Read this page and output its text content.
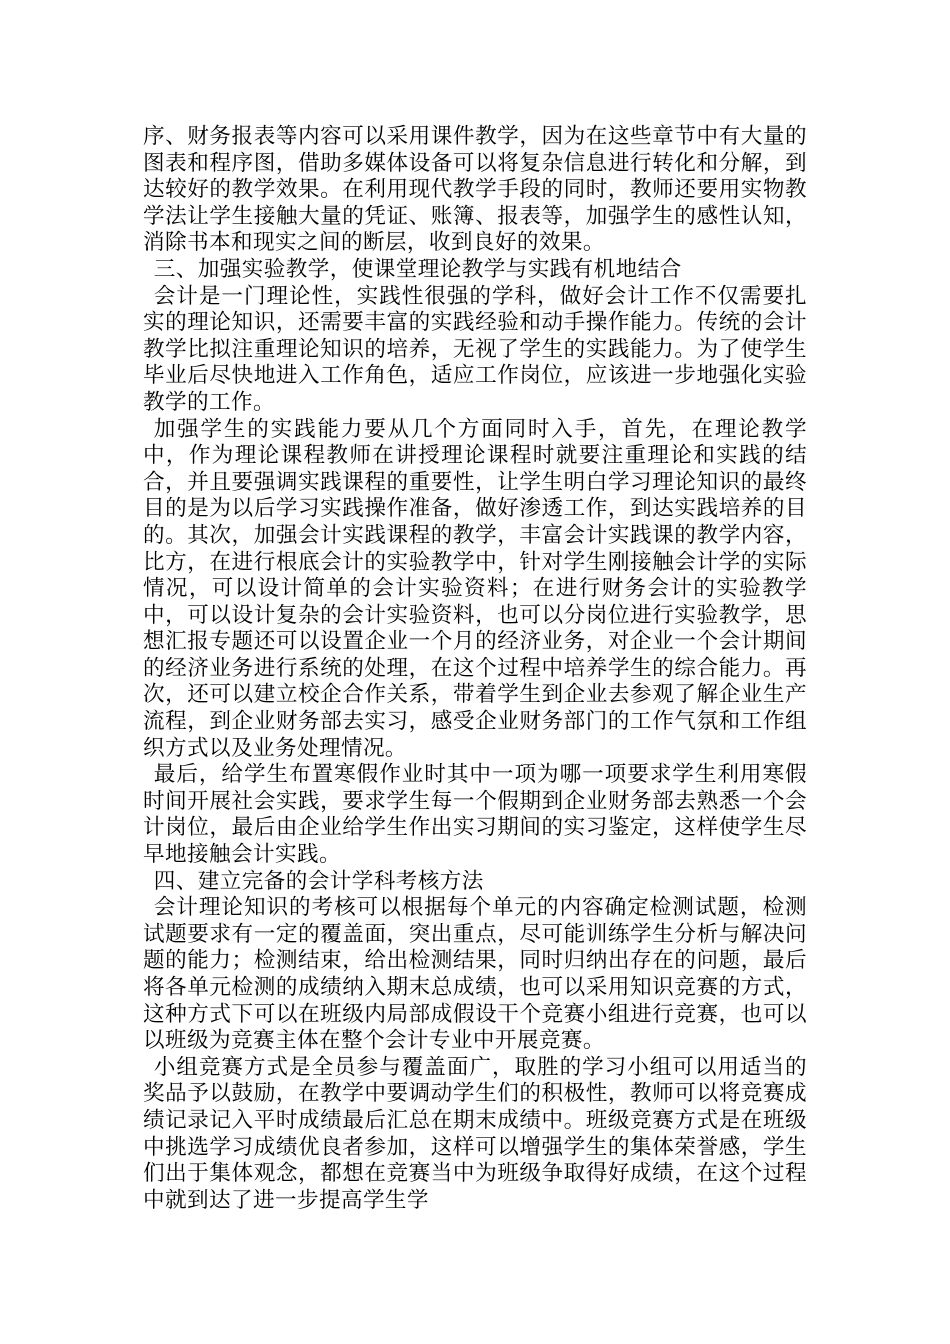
序、财务报表等内容可以采用课件教学，因为在这些章节中有大量的图表和程序图，借助多媒体设备可以将复杂信息进行转化和分解，到达较好的教学效果。在利用现代教学手段的同时，教师还要用实物教学法让学生接触大量的凭证、账簿、报表等，加强学生的感性认知，消除书本和现实之间的断层，收到良好的效果。

三、加强实验教学，使课堂理论教学与实践有机地结合

会计是一门理论性，实践性很强的学科，做好会计工作不仅需要扎实的理论知识，还需要丰富的实践经验和动手操作能力。传统的会计教学比拟注重理论知识的培养，无视了学生的实践能力。为了使学生毕业后尽快地进入工作角色，适应工作岗位，应该进一步地强化实验教学的工作。

加强学生的实践能力要从几个方面同时入手，首先，在理论教学中，作为理论课程教师在讲授理论课程时就要注重理论和实践的结合，并且要强调实践课程的重要性，让学生明白学习理论知识的最终目的是为以后学习实践操作准备，做好渗透工作，到达实践培养的目的。其次，加强会计实践课程的教学，丰富会计实践课的教学内容，比方，在进行根底会计的实验教学中，针对学生刚接触会计学的实际情况，可以设计简单的会计实验资料；在进行财务会计的实验教学中，可以设计复杂的会计实验资料，也可以分岗位进行实验教学，思想汇报专题还可以设置企业一个月的经济业务，对企业一个会计期间的经济业务进行系统的处理，在这个过程中培养学生的综合能力。再次，还可以建立校企合作关系，带着学生到企业去参观了解企业生产流程，到企业财务部去实习，感受企业财务部门的工作气氛和工作组织方式以及业务处理情况。

最后，给学生布置寒假作业时其中一项为哪一项要求学生利用寒假时间开展社会实践，要求学生每一个假期到企业财务部去熟悉一个会计岗位，最后由企业给学生作出实习期间的实习鉴定，这样使学生尽早地接触会计实践。

四、建立完备的会计学科考核方法

会计理论知识的考核可以根据每个单元的内容确定检测试题，检测试题要求有一定的覆盖面，突出重点，尽可能训练学生分析与解决问题的能力；检测结束，给出检测结果，同时归纳出存在的问题，最后将各单元检测的成绩纳入期末总成绩，也可以采用知识竞赛的方式，这种方式下可以在班级内局部成假设干个竞赛小组进行竞赛，也可以以班级为竞赛主体在整个会计专业中开展竞赛。

小组竞赛方式是全员参与覆盖面广，取胜的学习小组可以用适当的奖品予以鼓励，在教学中要调动学生们的积极性，教师可以将竞赛成绩记录记入平时成绩最后汇总在期末成绩中。班级竞赛方式是在班级中挑选学习成绩优良者参加，这样可以增强学生的集体荣誉感，学生们出于集体观念，都想在竞赛当中为班级争取得好成绩，在这个过程中就到达了进一步提高学生学
